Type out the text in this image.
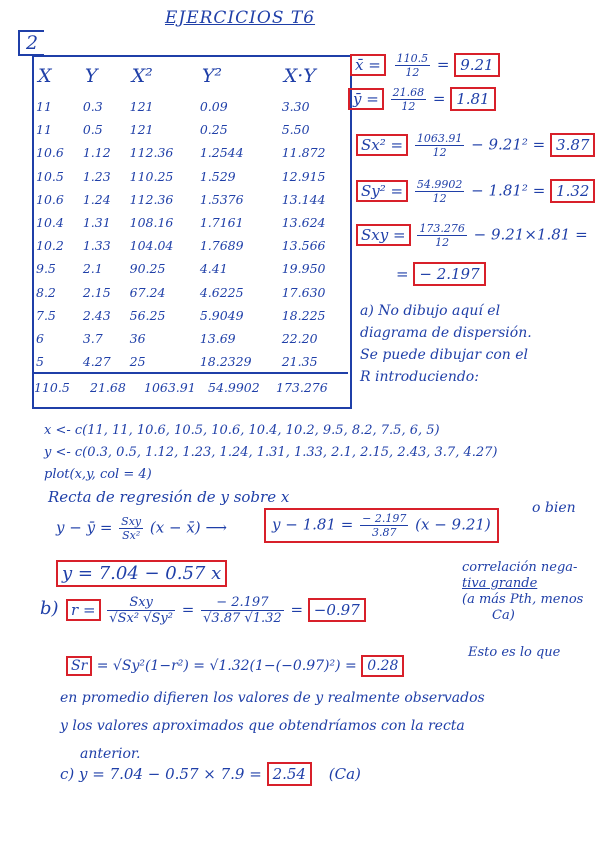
EJERCICIOS T6
2
X	Y	X²	Y²	X·Y
11	0.3	121	0.09	3.30
11	0.5	121	0.25	5.50
10.6	1.12	112.36	1.2544	11.872
10.5	1.23	110.25	1.529	12.915
10.6	1.24	112.36	1.5376	13.144
10.4	1.31	108.16	1.7161	13.624
10.2	1.33	104.04	1.7689	13.566
9.5	2.1	90.25	4.41	19.950
8.2	2.15	67.24	4.6225	17.630
7.5	2.43	56.25	5.9049	18.225
6	3.7	36	13.69	22.20
5	4.27	25	18.2329	21.35
110.5 21.68 1063.91 54.9902 173.276
x̄ = $\frac{110.5}{12} = 9.21$
ȳ = $\frac{21.68}{12} = 1.81$
$Sx^2 = \frac{1063.91}{12} - 9.21^2 = 3.87$
$Sy^2 = \frac{54.9902}{12} - 1.81^2 = 1.32$
Sxy = $\frac{173.276}{12} - 9.21\times 1.81$ =
= − 2.197
a) No dibujo aquí el
diagrama de dispersión.
Se puede dibujar con el
R introduciendo:
x <- c(11, 11, 10.6, 10.5, 10.6, 10.4, 10.2, 9.5, 8.2, 7.5, 6, 5)
y <- c(0.3, 0.5, 1.12, 1.23, 1.24, 1.31, 1.33, 2.1, 2.15, 2.43, 3.7, 4.27)
plot(x,y, col = 4)
Recta de regresión de y sobre x
y − ȳ = $\frac{\text{Sxy}}{\text{Sx²}} (x$ − x̄) ⟶	$y - 1.81 = \frac{- 2.197}{3.87} (x - 9.21)$
o bien
y = 7.04 − 0.57 x
b) $r = \frac{\text{Sxy}}{\text{√Sx² √Sy²}} = \frac{- 2.197}{√3.87 √1.32} = -0.97$
correlación nega-
tiva grande
(a más Pth, menos
Ca)
Sr = √Sy²(1−r²) = √1.32(1−(−0.97)²) = 0.28
Esto es lo que
en promedio difieren los valores de y realmente observados
y los valores aproximados que obtendríamos con la recta
anterior.
c) y = 7.04 − 0.57 × 7.9 = 2.54 (Ca)
